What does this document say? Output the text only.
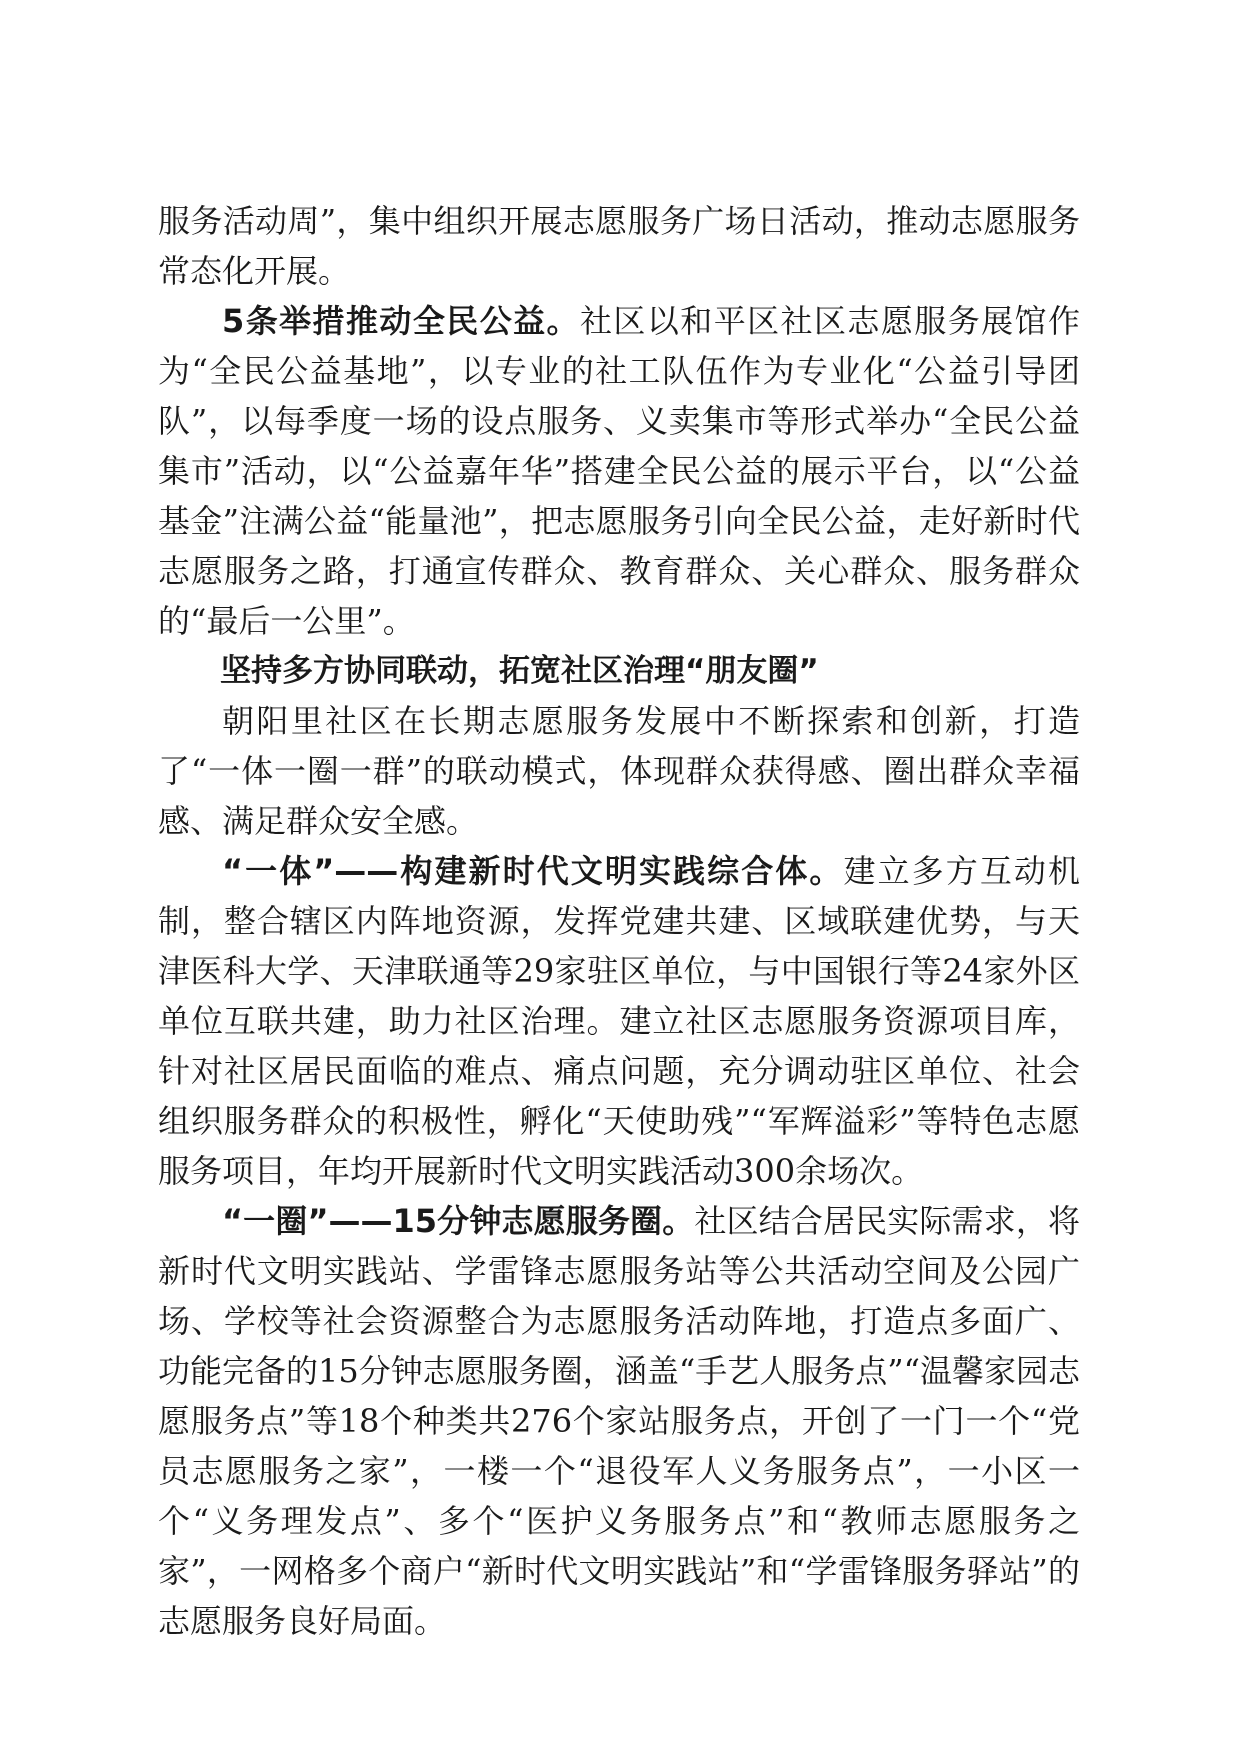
服务活动周”，集中组织开展志愿服务广场日活动，推动志愿服务常态化开展。

5条举措推动全民公益。社区以和平区社区志愿服务展馆作为“全民公益基地”，以专业的社工队伍作为专业化“公益引导团队”，以每季度一场的设点服务、义卖集市等形式举办“全民公益集市”活动，以“公益嘉年华”搭建全民公益的展示平台，以“公益基金”注满公益“能量池”，把志愿服务引向全民公益，走好新时代志愿服务之路，打通宣传群众、教育群众、关心群众、服务群众的“最后一公里”。

坚持多方协同联动，拓宽社区治理“朋友圈”

朝阳里社区在长期志愿服务发展中不断探索和创新，打造了“一体一圈一群”的联动模式，体现群众获得感、圈出群众幸福感、满足群众安全感。

“一体”——构建新时代文明实践综合体。建立多方互动机制，整合辖区内阵地资源，发挥党建共建、区域联建优势，与天津医科大学、天津联通等29家驻区单位，与中国银行等24家外区单位互联共建，助力社区治理。建立社区志愿服务资源项目库，针对社区居民面临的难点、痛点问题，充分调动驻区单位、社会组织服务群众的积极性，孵化“天使助残”“军辉溢彩”等特色志愿服务项目，年均开展新时代文明实践活动300余场次。

“一圈”——15分钟志愿服务圈。社区结合居民实际需求，将新时代文明实践站、学雷锋志愿服务站等公共活动空间及公园广场、学校等社会资源整合为志愿服务活动阵地，打造点多面广、功能完备的15分钟志愿服务圈，涵盖“手艺人服务点”“温馨家园志愿服务点”等18个种类共276个家站服务点，开创了一门一个“党员志愿服务之家”，一楼一个“退役军人义务服务点”，一小区一个“义务理发点”、多个“医护义务服务点”和“教师志愿服务之家”，一网格多个商户“新时代文明实践站”和“学雷锋服务驿站”的志愿服务良好局面。
